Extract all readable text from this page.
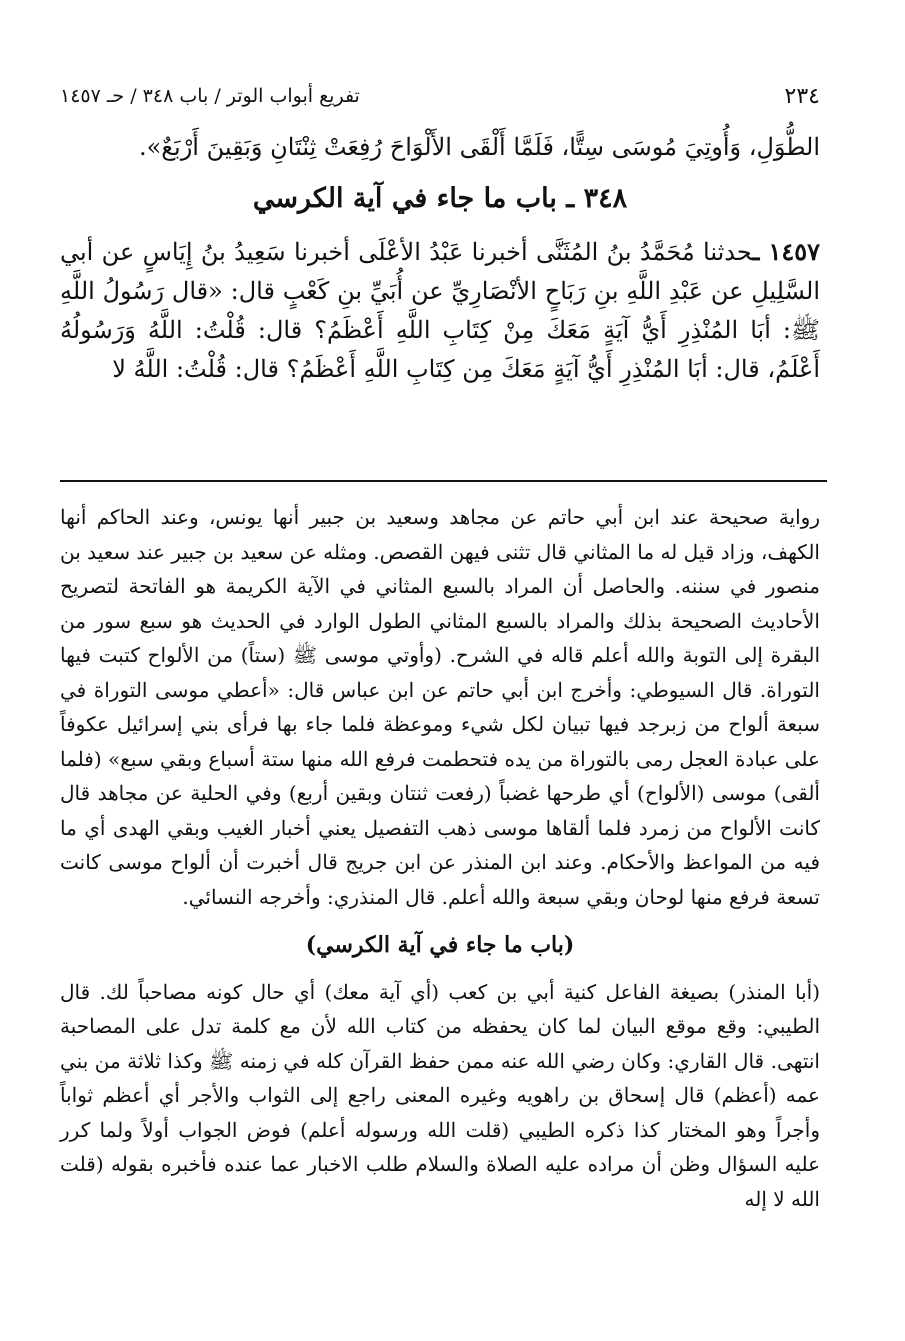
٢٣٤
تفريع أبواب الوتر / باب ٣٤٨ / حـ ١٤٥٧

الطُّوَلِ، وَأُوتِيَ مُوسَى سِتًّا، فَلَمَّا أَلْقَى الأَلْوَاحَ رُفِعَتْ ثِنْتَانِ وَبَقِينَ أَرْبَعٌ».

٣٤٨ ـ باب ما جاء في آية الكرسي

١٤٥٧ ـحدثنا مُحَمَّدُ بنُ المُثَنَّى أخبرنا عَبْدُ الأعْلَى أخبرنا سَعِيدُ بنُ إِيَاسٍ عن أبي السَّلِيلِ عن عَبْدِ اللَّهِ بنِ رَبَاحٍ الأنْصَارِيِّ عن أُبَيِّ بنِ كَعْبٍ قال: «قال رَسُولُ اللَّهِ ﷺ: أبَا المُنْذِرِ أَيُّ آيَةٍ مَعَكَ مِنْ كِتَابِ اللَّهِ أَعْظَمُ؟ قال: قُلْتُ: اللَّهُ وَرَسُولُهُ أَعْلَمُ، قال: أبَا المُنْذِرِ أَيُّ آيَةٍ مَعَكَ مِن كِتَابِ اللَّهِ أَعْظَمُ؟ قال: قُلْتُ: اللَّهُ لا

رواية صحيحة عند ابن أبي حاتم عن مجاهد وسعيد بن جبير أنها يونس، وعند الحاكم أنها الكهف، وزاد قيل له ما المثاني قال تثنى فيهن القصص. ومثله عن سعيد بن جبير عند سعيد بن منصور في سننه. والحاصل أن المراد بالسبع المثاني في الآية الكريمة هو الفاتحة لتصريح الأحاديث الصحيحة بذلك والمراد بالسبع المثاني الطول الوارد في الحديث هو سبع سور من البقرة إلى التوبة والله أعلم قاله في الشرح. (وأوتي موسى ﷺ (ستاً) من الألواح كتبت فيها التوراة. قال السيوطي: وأخرج ابن أبي حاتم عن ابن عباس قال: «أعطي موسى التوراة في سبعة ألواح من زبرجد فيها تبيان لكل شيء وموعظة فلما جاء بها فرأى بني إسرائيل عكوفاً على عبادة العجل رمى بالتوراة من يده فتحطمت فرفع الله منها ستة أسباع وبقي سبع» (فلما ألقى) موسى (الألواح) أي طرحها غضباً (رفعت ثنتان وبقين أربع) وفي الحلية عن مجاهد قال كانت الألواح من زمرد فلما ألقاها موسى ذهب التفصيل يعني أخبار الغيب وبقي الهدى أي ما فيه من المواعظ والأحكام. وعند ابن المنذر عن ابن جريج قال أخبرت أن ألواح موسى كانت تسعة فرفع منها لوحان وبقي سبعة والله أعلم. قال المنذري: وأخرجه النسائي.

(باب ما جاء في آية الكرسي)

(أبا المنذر) بصيغة الفاعل كنية أبي بن كعب (أي آية معك) أي حال كونه مصاحباً لك. قال الطيبي: وقع موقع البيان لما كان يحفظه من كتاب الله لأن مع كلمة تدل على المصاحبة انتهى. قال القاري: وكان رضي الله عنه ممن حفظ القرآن كله في زمنه ﷺ وكذا ثلاثة من بني عمه (أعظم) قال إسحاق بن راهويه وغيره المعنى راجع إلى الثواب والأجر أي أعظم ثواباً وأجراً وهو المختار كذا ذكره الطيبي (قلت الله ورسوله أعلم) فوض الجواب أولاً ولما كرر عليه السؤال وظن أن مراده عليه الصلاة والسلام طلب الاخبار عما عنده فأخبره بقوله (قلت الله لا إله
